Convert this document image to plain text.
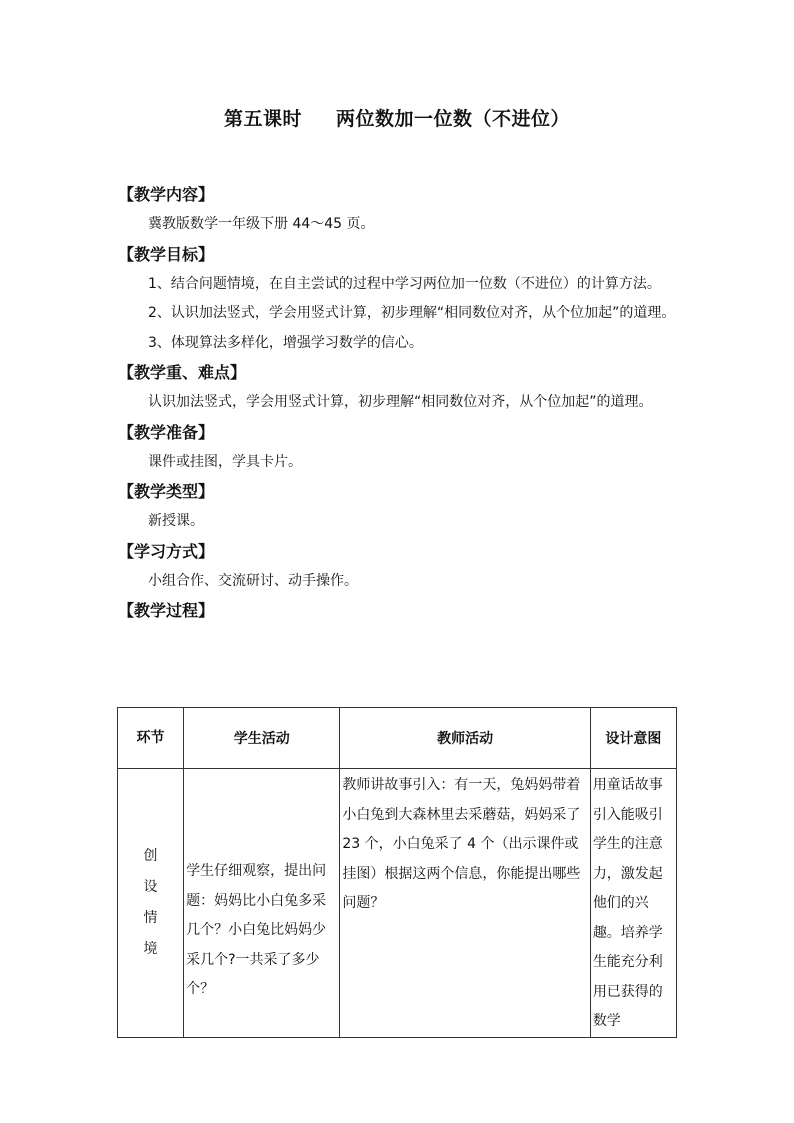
第五课时 两位数加一位数（不进位）
【教学内容】

冀教版数学一年级下册 44～45 页。

【教学目标】

1、结合问题情境，在自主尝试的过程中学习两位加一位数（不进位）的计算方法。

2、认识加法竖式，学会用竖式计算，初步理解“相同数位对齐，从个位加起”的道理。

3、体现算法多样化，增强学习数学的信心。

【教学重、难点】

认识加法竖式，学会用竖式计算，初步理解“相同数位对齐，从个位加起”的道理。

【教学准备】

课件或挂图，学具卡片。

【教学类型】

新授课。

【学习方式】

小组合作、交流研讨、动手操作。

【教学过程】
环节	学生活动	教师活动	设计意图

创
设
情
境	学生仔细观察，提出问题：妈妈比小白兔多采几个？小白兔比妈妈少采几个?一共采了多少个？	教师讲故事引入：有一天，兔妈妈带着小白兔到大森林里去采蘑菇，妈妈采了 23 个，小白兔采了 4 个（出示课件或挂图）根据这两个信息，你能提出哪些问题？	用童话故事引入能吸引学生的注意力，激发起他们的兴趣。培养学生能充分利用已获得的数学
